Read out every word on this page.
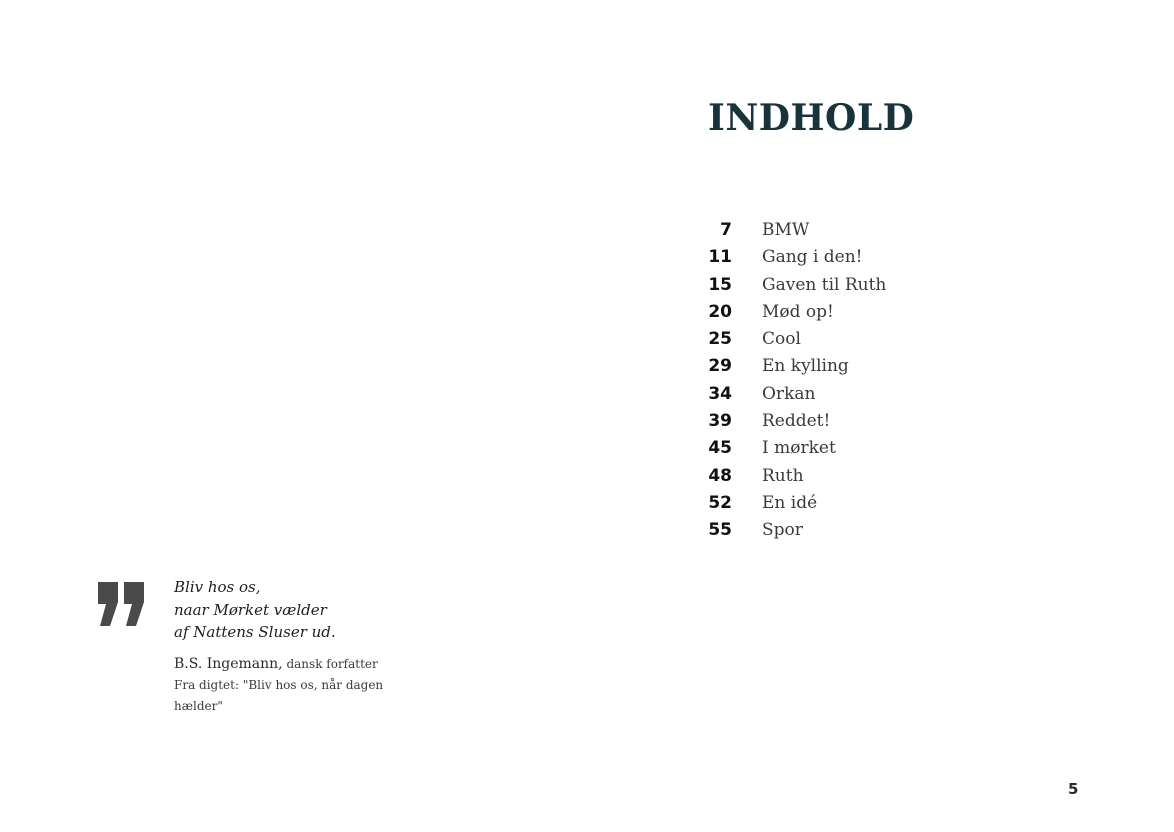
INDHOLD
7 BMW
11 Gang i den!
15 Gaven til Ruth
20 Mød op!
25 Cool
29 En kylling
34 Orkan
39 Reddet!
45 I mørket
48 Ruth
52 En idé
55 Spor
Bliv hos os,
naar Mørket vælder
af Nattens Sluser ud.
B.S. Ingemann, dansk forfatter
Fra digtet: "Bliv hos os, når dagen hælder"
5
